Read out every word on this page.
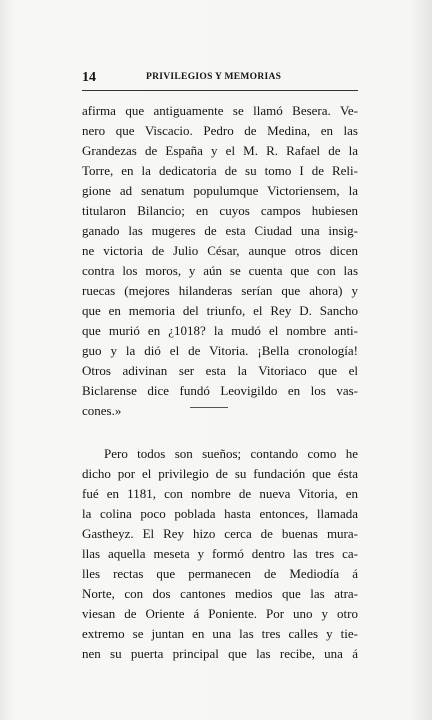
14	PRIVILEGIOS Y MEMORIAS
afirma que antiguamente se llamó Besera. Ve-
nero que Viscacio. Pedro de Medina, en las
Grandezas de España y el M. R. Rafael de la
Torre, en la dedicatoria de su tomo I de Reli-
gione ad senatum populumque Victoriensem, la
titularon Bilancio; en cuyos campos hubiesen
ganado las mugeres de esta Ciudad una insig-
ne victoria de Julio César, aunque otros dicen
contra los moros, y aún se cuenta que con las
ruecas (mejores hilanderas serían que ahora) y
que en memoria del triunfo, el Rey D. Sancho
que murió en ¿1018? la mudó el nombre anti-
guo y la dió el de Vitoria. ¡Bella cronología!
Otros adivinan ser esta la Vitoriaco que el
Biclarense dice fundó Leovigildo en los vas-
cones.»
Pero todos son sueños; contando como he
dicho por el privilegio de su fundación que ésta
fué en 1181, con nombre de nueva Vitoria, en
la colina poco poblada hasta entonces, llamada
Gastheyz. El Rey hizo cerca de buenas mura-
llas aquella meseta y formó dentro las tres ca-
lles rectas que permanecen de Mediodía á
Norte, con dos cantones medios que las atra-
viesan de Oriente á Poniente. Por uno y otro
extremo se juntan en una las tres calles y tie-
nen su puerta principal que las recibe, una á
